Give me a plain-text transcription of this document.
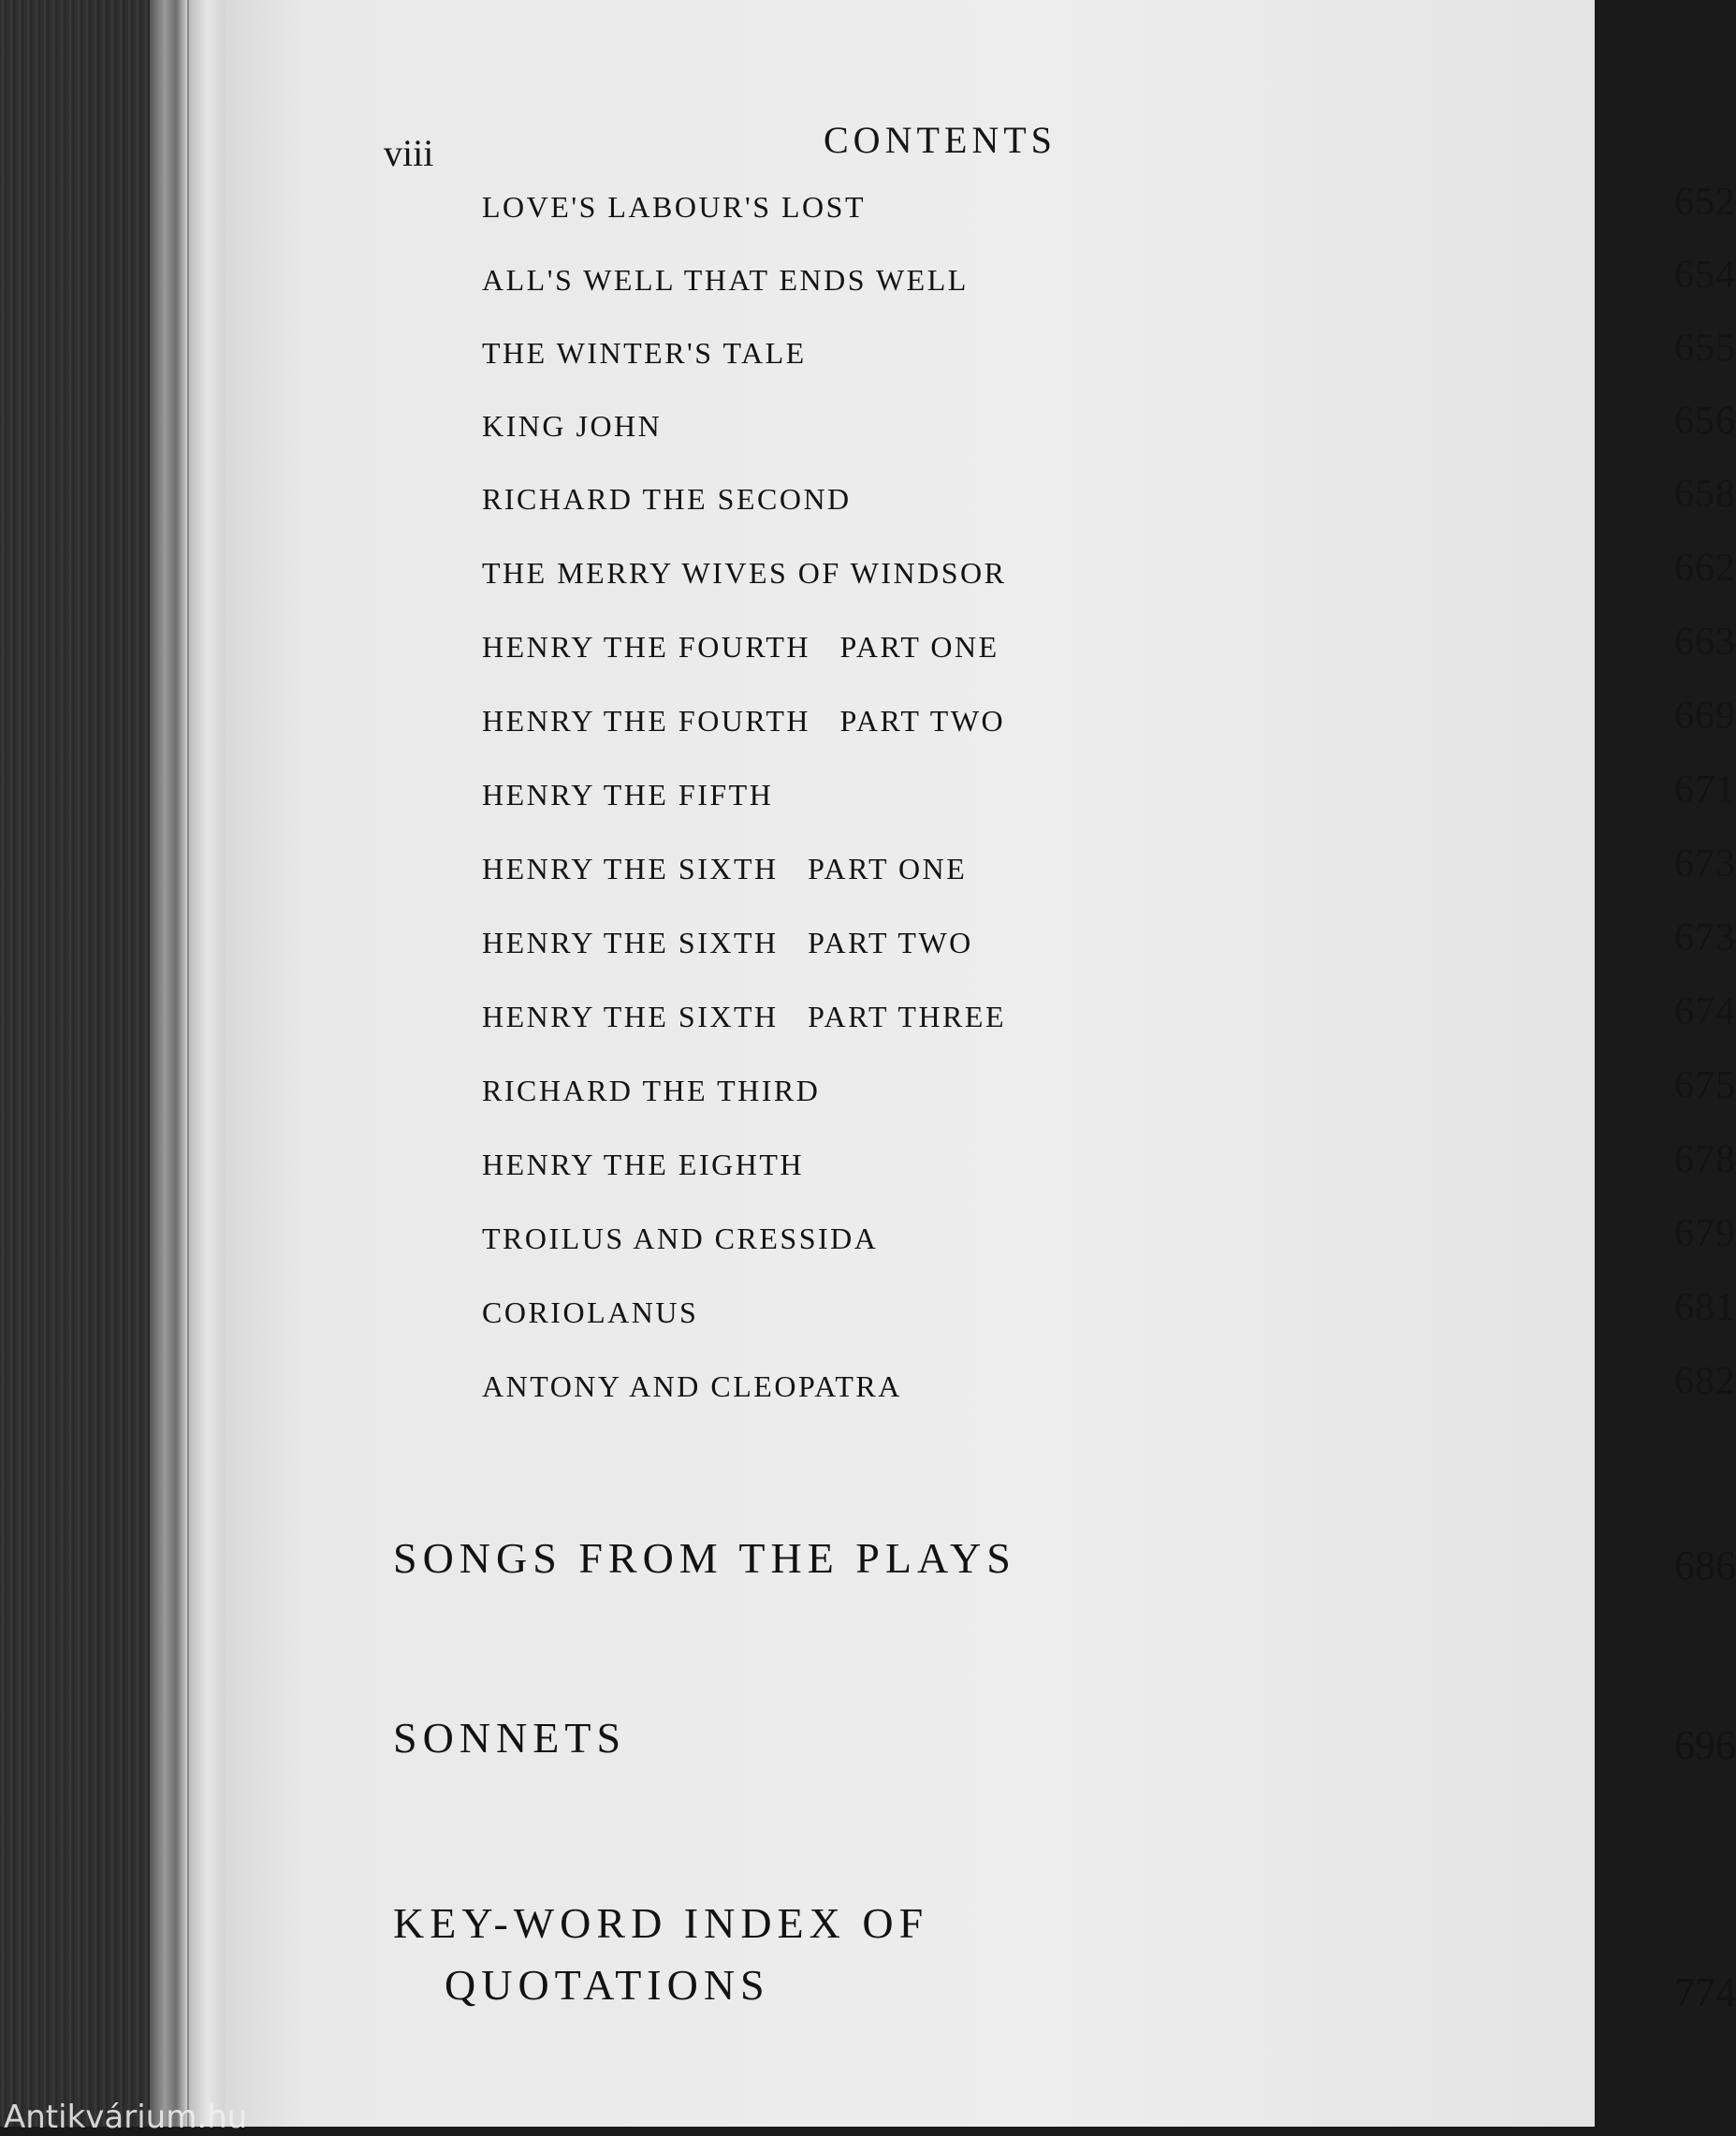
viii	CONTENTS
LOVE'S LABOUR'S LOST	652
ALL'S WELL THAT ENDS WELL	654
THE WINTER'S TALE	655
KING JOHN	656
RICHARD THE SECOND	658
THE MERRY WIVES OF WINDSOR	662
HENRY THE FOURTH   PART ONE	663
HENRY THE FOURTH   PART TWO	669
HENRY THE FIFTH	671
HENRY THE SIXTH   PART ONE	673
HENRY THE SIXTH   PART TWO	673
HENRY THE SIXTH   PART THREE	674
RICHARD THE THIRD	675
HENRY THE EIGHTH	678
TROILUS AND CRESSIDA	679
CORIOLANUS	681
ANTONY AND CLEOPATRA	682
SONGS FROM THE PLAYS	686
SONNETS	696
KEY-WORD INDEX OF
QUOTATIONS	774
Antikvárium.hu
